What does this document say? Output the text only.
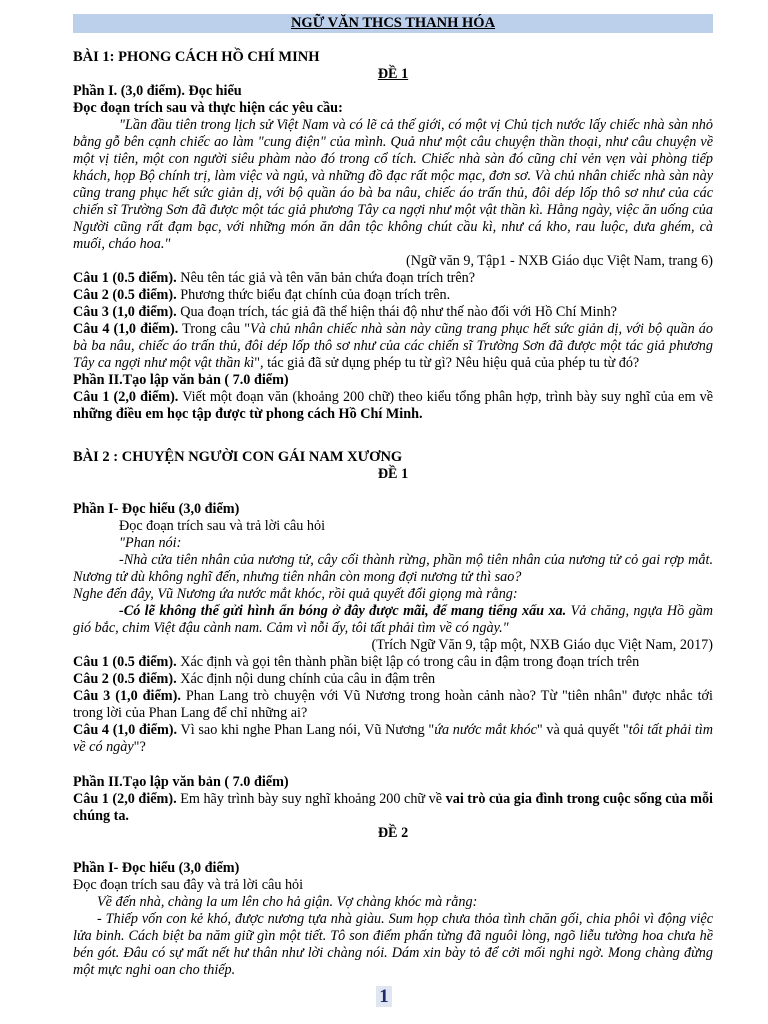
NGỮ VĂN THCS THANH HÓA

BÀI 1: PHONG CÁCH HỒ CHÍ MINH

ĐỀ 1

Phần I. (3,0 điểm). Đọc hiểu

Đọc đoạn trích sau và thực hiện các yêu cầu:

"Lần đầu tiên trong lịch sử Việt Nam và có lẽ cả thế giới, có một vị Chủ tịch nước lấy chiếc nhà sàn nhỏ bằng gỗ bên cạnh chiếc ao làm "cung điện" của mình. Quả như một câu chuyện thần thoại, như câu chuyện về một vị tiên, một con người siêu phàm nào đó trong cổ tích. Chiếc nhà sàn đó cũng chỉ vẻn vẹn vài phòng tiếp khách, họp Bộ chính trị, làm việc và ngủ, và những đồ đạc rất mộc mạc, đơn sơ. Và chủ nhân chiếc nhà sàn này cũng trang phục hết sức giản dị, với bộ quần áo bà ba nâu, chiếc áo trấn thủ, đôi dép lốp thô sơ như của các chiến sĩ Trường Sơn đã được một tác giả phương Tây ca ngợi như một vật thần kì. Hằng ngày, việc ăn uống của Người cũng rất đạm bạc, với những món ăn dân tộc không chút cầu kì, như cá kho, rau luộc, dưa ghém, cà muối, cháo hoa."

(Ngữ văn 9, Tập1 - NXB Giáo dục Việt Nam, trang 6)

Câu 1 (0.5 điểm). Nêu tên tác giả và tên văn bản chứa đoạn trích trên?

Câu 2 (0.5 điểm). Phương thức biểu đạt chính của đoạn trích trên.

Câu 3 (1,0 điểm). Qua đoạn trích, tác giả đã thể hiện thái độ như thế nào đối với Hồ Chí Minh?

Câu 4 (1,0 điểm). Trong câu "Và chủ nhân chiếc nhà sàn này cũng trang phục hết sức giản dị, với bộ quần áo bà ba nâu, chiếc áo trấn thủ, đôi dép lốp thô sơ như của các chiến sĩ Trường Sơn đã được một tác giả phương Tây ca ngợi như một vật thần kì", tác giả đã sử dụng phép tu từ gì? Nêu hiệu quả của phép tu từ đó?

Phần II.Tạo lập văn bản ( 7.0 điểm)

Câu 1 (2,0 điểm). Viết một đoạn văn (khoảng 200 chữ) theo kiểu tổng phân hợp, trình bày suy nghĩ của em về những điều em học tập được từ phong cách Hồ Chí Minh.

BÀI 2 : CHUYỆN NGƯỜI CON GÁI NAM XƯƠNG

ĐỀ 1

Phần I- Đọc hiểu (3,0 điểm)

Đọc đoạn trích sau và trả lời câu hỏi

"Phan nói:

-Nhà cửa tiên nhân của nương tử, cây cối thành rừng, phần mộ tiên nhân của nương tử cỏ gai rợp mắt. Nương tử dù không nghĩ đến, nhưng tiên nhân còn mong đợi nương tử thì sao?

Nghe đến đây, Vũ Nương ứa nước mắt khóc, rồi quả quyết đổi giọng mà rằng:

-Có lẽ không thể gửi hình ẩn bóng ở đây được mãi, để mang tiếng xấu xa. Vả chăng, ngựa Hồ gầm gió bắc, chim Việt đậu cành nam. Cảm vì nỗi ấy, tôi tất phải tìm về có ngày."

(Trích Ngữ Văn 9, tập một, NXB Giáo dục Việt Nam, 2017)

Câu 1 (0.5 điểm). Xác định và gọi tên thành phần biệt lập có trong câu in đậm trong đoạn trích trên

Câu 2 (0.5 điểm). Xác định nội dung chính của câu in đậm trên

Câu 3 (1,0 điểm). Phan Lang trò chuyện với Vũ Nương trong hoàn cảnh nào? Từ "tiên nhân" được nhắc tới trong lời của Phan Lang để chỉ những ai?

Câu 4 (1,0 điểm). Vì sao khi nghe Phan Lang nói, Vũ Nương "ứa nước mắt khóc" và quả quyết "tôi tất phải tìm về có ngày"?

Phần II.Tạo lập văn bản ( 7.0 điểm)

Câu 1 (2,0 điểm). Em hãy trình bày suy nghĩ khoảng 200 chữ về vai trò của gia đình trong cuộc sống của mỗi chúng ta.

ĐỀ 2

Phần I- Đọc hiểu (3,0 điểm)

Đọc đoạn trích sau đây và trả lời câu hỏi

Về đến nhà, chàng la um lên cho hả giận. Vợ chàng khóc mà rằng:

- Thiếp vốn con kẻ khó, được nương tựa nhà giàu. Sum họp chưa thỏa tình chăn gối, chia phôi vì động việc lửa binh. Cách biệt ba năm giữ gìn một tiết. Tô son điểm phấn từng đã nguôi lòng, ngõ liễu tường hoa chưa hề bén gót. Đâu có sự mất nết hư thân như lời chàng nói. Dám xin bày tỏ để cởi mối nghi ngờ. Mong chàng đừng một mực nghi oan cho thiếp.

1
